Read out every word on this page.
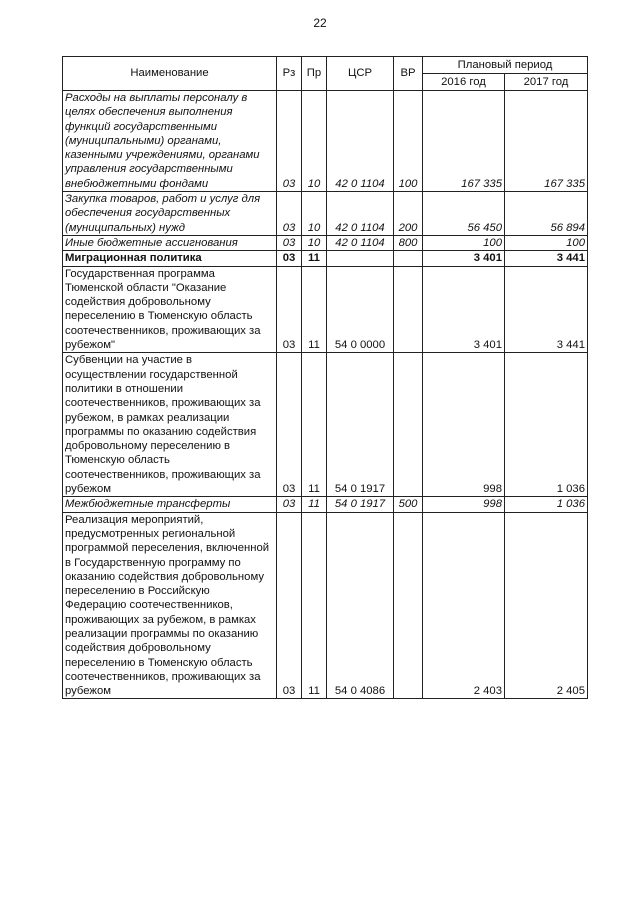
22
Наименование	Рз	Пр	ЦСР	ВР	Плановый период	
					2016 год	2017 год
Расходы на выплаты персоналу в целях обеспечения выполнения функций государственными (муниципальными) органами, казенными учреждениями, органами управления государственными внебюджетными фондами	03	10	42 0 1104	100	167 335	167 335
Закупка товаров, работ и услуг для обеспечения государственных (муниципальных) нужд	03	10	42 0 1104	200	56 450	56 894
Иные бюджетные ассигнования	03	10	42 0 1104	800	100	100
Миграционная политика	03	11			3 401	3 441
Государственная программа Тюменской области "Оказание содействия добровольному переселению в Тюменскую область соотечественников, проживающих за рубежом"	03	11	54 0 0000		3 401	3 441
Субвенции на участие в осуществлении государственной политики в отношении соотечественников, проживающих за рубежом, в рамках реализации программы по оказанию содействия добровольному переселению в Тюменскую область соотечественников, проживающих за рубежом	03	11	54 0 1917		998	1 036
Межбюджетные трансферты	03	11	54 0 1917	500	998	1 036
Реализация мероприятий, предусмотренных региональной программой переселения, включенной в Государственную программу по оказанию содействия добровольному переселению в Российскую Федерацию соотечественников, проживающих за рубежом, в рамках реализации программы по оказанию содействия добровольному переселению в Тюменскую область соотечественников, проживающих за рубежом	03	11	54 0 4086		2 403	2 405
